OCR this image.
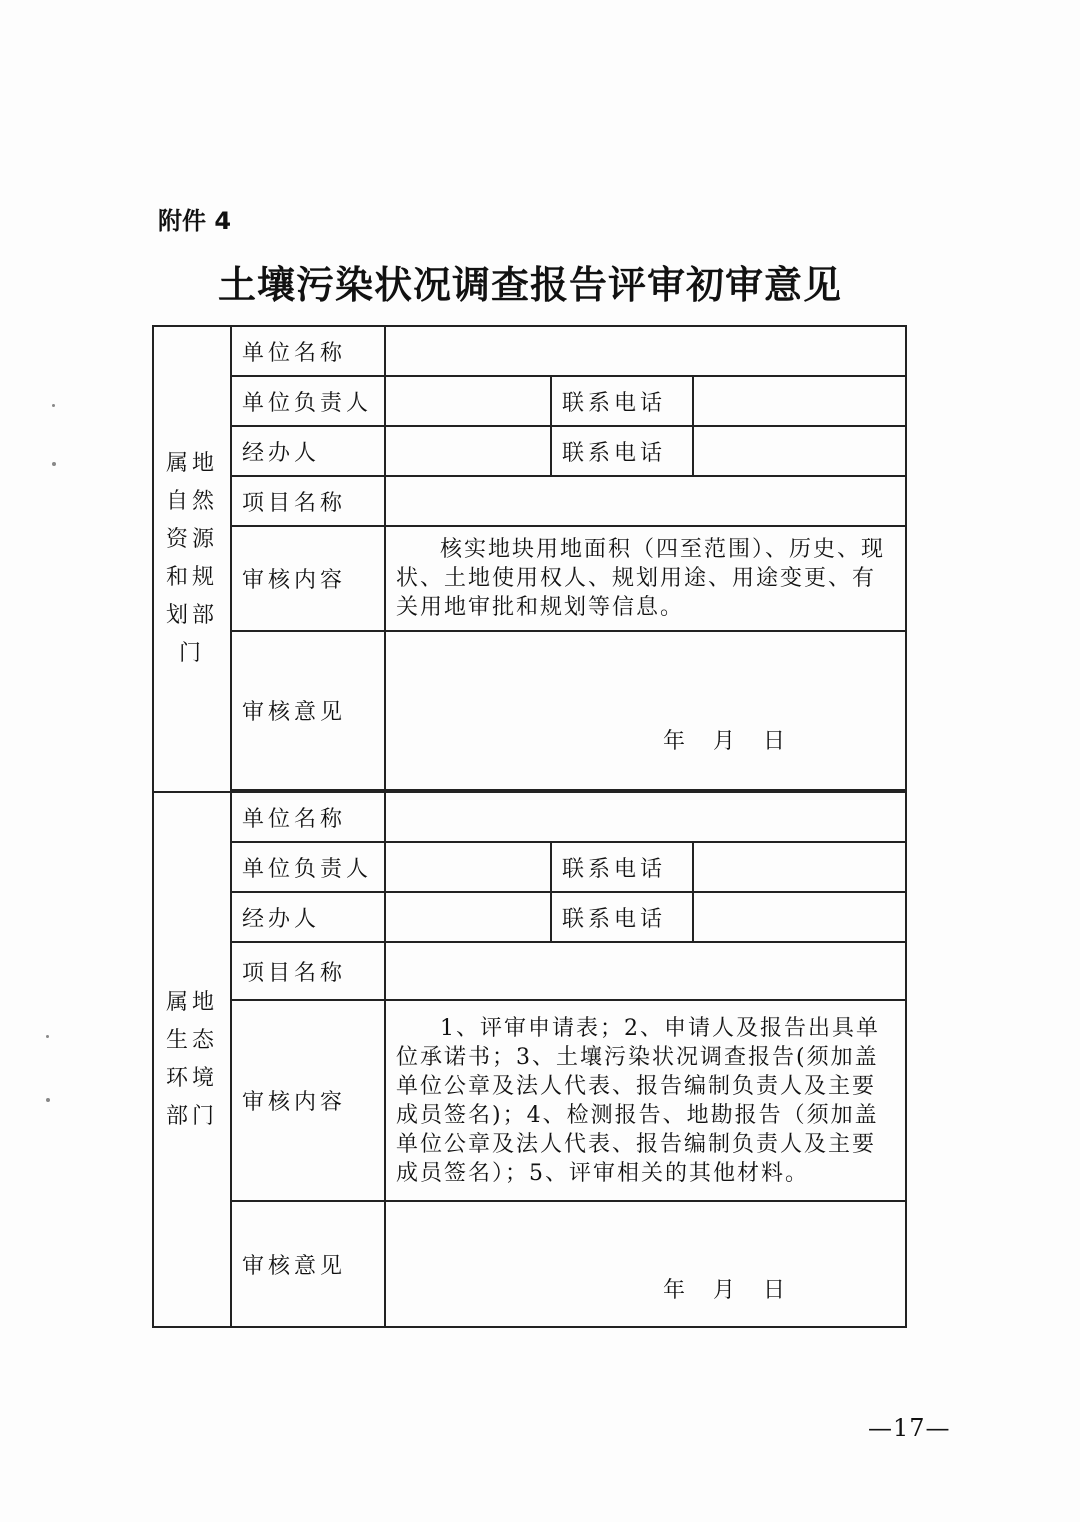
附件 4
土壤污染状况调查报告评审初审意见
属地自然资源和规划部门	单位名称			
	单位负责人		联系电话	
	经办人		联系电话	
	项目名称			
	审核内容	核实地块用地面积（四至范围）、历史、现状、土地使用权人、规划用途、用途变更、有关用地审批和规划等信息。		

	审核意见	年 月 日		

属地生态环境部门	单位名称			
	单位负责人		联系电话	
	经办人		联系电话	
	项目名称			
	审核内容	1、评审申请表；2、申请人及报告出具单位承诺书；3、土壤污染状况调查报告(须加盖单位公章及法人代表、报告编制负责人及主要成员签名)；4、检测报告、地勘报告（须加盖单位公章及法人代表、报告编制负责人及主要成员签名）；5、评审相关的其他材料。		

	审核意见	年 月 日		
—17—
